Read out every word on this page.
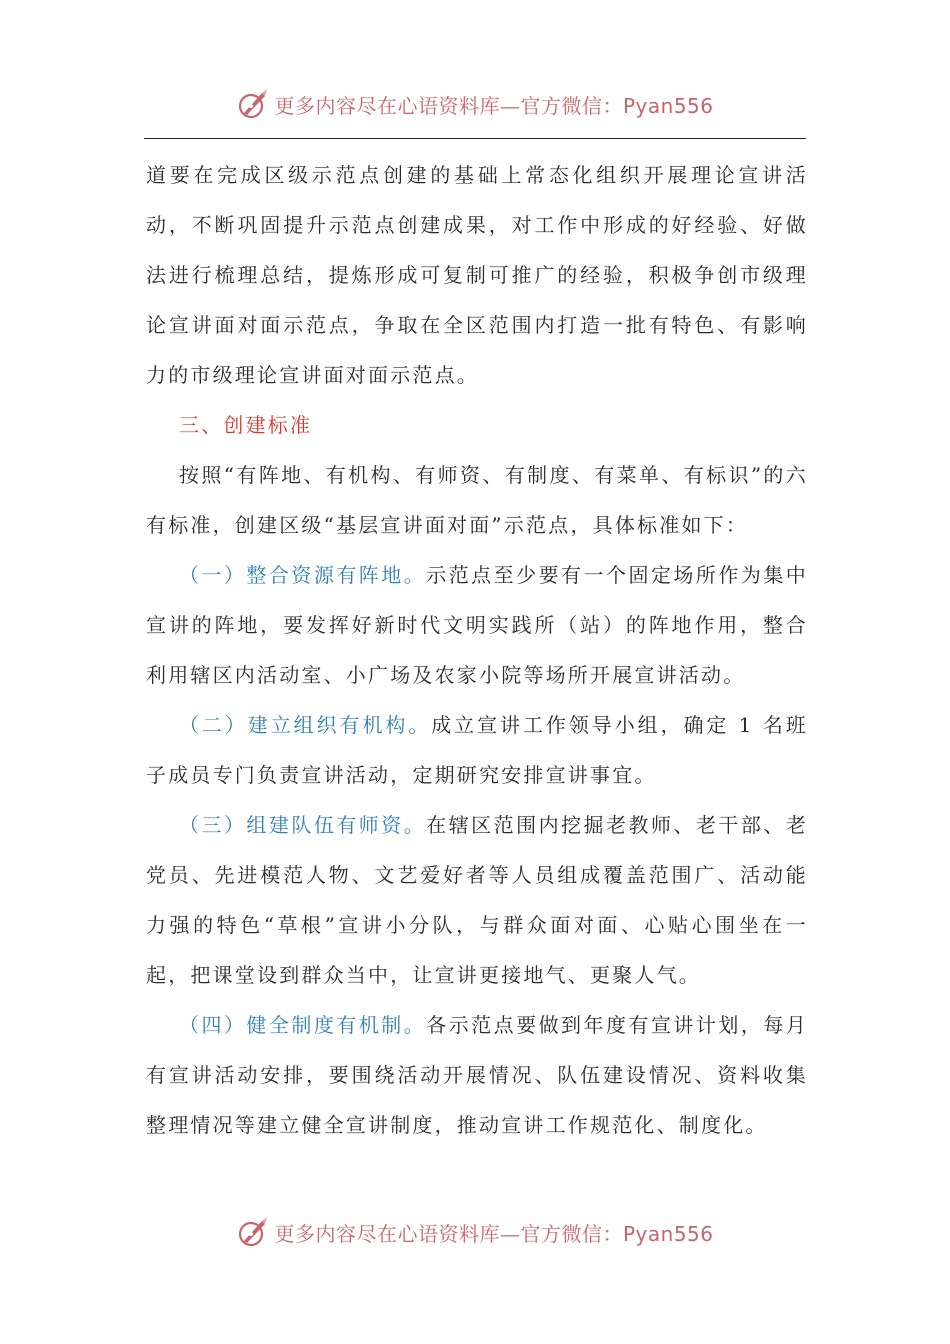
更多内容尽在心语资料库—官方微信：Pyan556

道要在完成区级示范点创建的基础上常态化组织开展理论宣讲活动，不断巩固提升示范点创建成果，对工作中形成的好经验、好做法进行梳理总结，提炼形成可复制可推广的经验，积极争创市级理论宣讲面对面示范点，争取在全区范围内打造一批有特色、有影响力的市级理论宣讲面对面示范点。

三、创建标准

按照“有阵地、有机构、有师资、有制度、有菜单、有标识”的六有标准，创建区级“基层宣讲面对面”示范点，具体标准如下：

（一）整合资源有阵地。示范点至少要有一个固定场所作为集中宣讲的阵地，要发挥好新时代文明实践所（站）的阵地作用，整合利用辖区内活动室、小广场及农家小院等场所开展宣讲活动。

（二）建立组织有机构。成立宣讲工作领导小组，确定 1 名班子成员专门负责宣讲活动，定期研究安排宣讲事宜。

（三）组建队伍有师资。在辖区范围内挖掘老教师、老干部、老党员、先进模范人物、文艺爱好者等人员组成覆盖范围广、活动能力强的特色“草根”宣讲小分队，与群众面对面、心贴心围坐在一起，把课堂设到群众当中，让宣讲更接地气、更聚人气。

（四）健全制度有机制。各示范点要做到年度有宣讲计划，每月有宣讲活动安排，要围绕活动开展情况、队伍建设情况、资料收集整理情况等建立健全宣讲制度，推动宣讲工作规范化、制度化。

更多内容尽在心语资料库—官方微信：Pyan556
